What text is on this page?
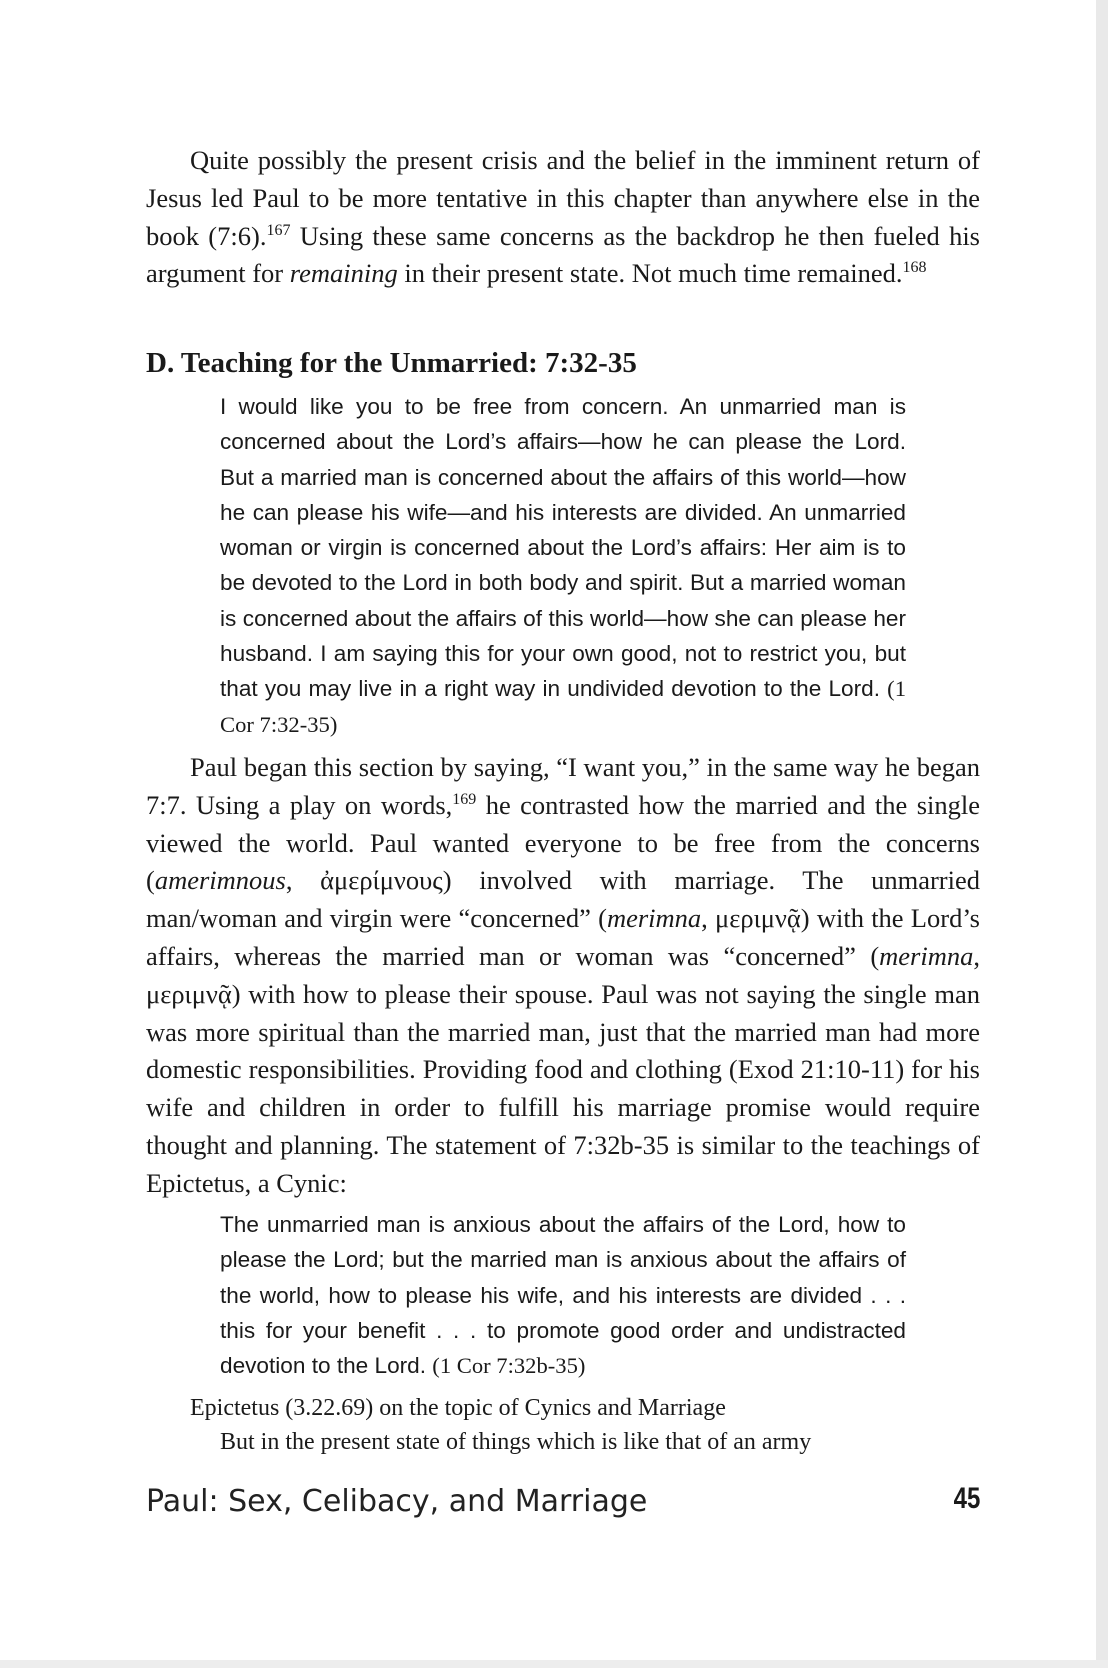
Quite possibly the present crisis and the belief in the imminent return of Jesus led Paul to be more tentative in this chapter than anywhere else in the book (7:6).$^{167}$ Using these same concerns as the backdrop he then fueled his argument for remaining in their present state. Not much time remained.$^{168}$

D. Teaching for the Unmarried: 7:32-35
I would like you to be free from concern. An unmarried man is concerned about the Lord’s affairs—how he can please the Lord. But a married man is concerned about the affairs of this world—how he can please his wife—and his interests are divided. An unmarried woman or virgin is concerned about the Lord’s affairs: Her aim is to be devoted to the Lord in both body and spirit. But a married woman is concerned about the affairs of this world—how she can please her husband. I am saying this for your own good, not to restrict you, but that you may live in a right way in undivided devotion to the Lord. (1 Cor 7:32-35)

Paul began this section by saying, “I want you,” in the same way he began 7:7. Using a play on words,$^{169}$ he contrasted how the married and the single viewed the world. Paul wanted everyone to be free from the concerns (amerimnous, ἀμερίμνους) involved with marriage. The unmarried man/woman and virgin were “concerned” (merimna, μεριμνᾷ) with the Lord’s affairs, whereas the married man or woman was “concerned” (merimna, μεριμνᾷ) with how to please their spouse. Paul was not saying the single man was more spiritual than the married man, just that the married man had more domestic responsibilities. Providing food and clothing (Exod 21:10-11) for his wife and children in order to fulfill his marriage promise would require thought and planning. The statement of 7:32b-35 is similar to the teachings of Epictetus, a Cynic:

The unmarried man is anxious about the affairs of the Lord, how to please the Lord; but the married man is anxious about the affairs of the world, how to please his wife, and his interests are divided . . . this for your benefit . . . to promote good order and undistracted devotion to the Lord. (1 Cor 7:32b-35)
Epictetus (3.22.69) on the topic of Cynics and Marriage
But in the present state of things which is like that of an army
Paul: Sex, Celibacy, and Marriage	45
